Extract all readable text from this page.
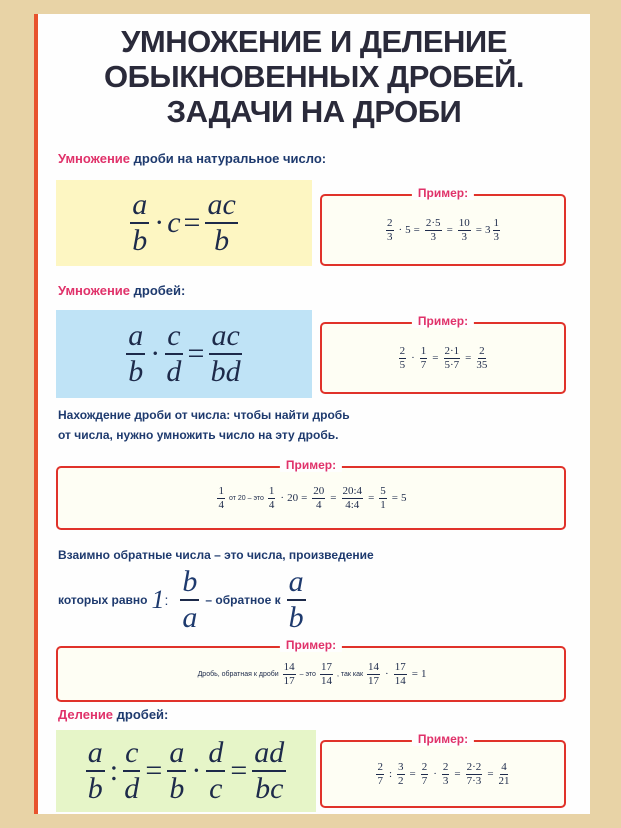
УМНОЖЕНИЕ И ДЕЛЕНИЕ
ОБЫКНОВЕННЫХ ДРОБЕЙ.
ЗАДАЧИ НА ДРОБИ
Умножение дроби на натуральное число:
$\frac{a}{b} \cdot c = \frac{ac}{b}$	Пример:
$\frac{2}{3} \cdot 5 = \frac{2\cdot 5}{3} = \frac{10}{3} = 3 \frac{1}{3}$
Умножение дробей:
$\frac{a}{b} \cdot \frac{c}{d} = \frac{ac}{bd}$	Пример:
$\frac{2}{5} \cdot \frac{1}{7} = \frac{2\cdot 1}{5\cdot 7} = \frac{2}{35}$
Нахождение дроби от числа: чтобы найти дробь
от числа, нужно умножить число на эту дробь.
Пример:
$\frac{1}{4}$ от 20 – это $\frac{1}{4} \cdot 20 = \frac{20}{4} = \frac{20:4}{4:4} = \frac{5}{1} = 5$
Взаимно обратные числа – это числа, произведение
которых равно 1 : $\frac{b}{a}$ – обратное к $\frac{a}{b}$
Пример:
Дробь, обратная к дроби $\frac{14}{17}$ – это $\frac{17}{14}$ , так как $\frac{14}{17} \cdot \frac{17}{14} = 1$
Деление дробей:
$\frac{a}{b}$ : $\frac{c}{d} = \frac{a}{b} \cdot \frac{d}{c} = \frac{ad}{bc}$	Пример:
$\frac{2}{7}$ : $\frac{3}{2} = \frac{2}{7} \cdot \frac{2}{3} = \frac{2\cdot 2}{7\cdot 3} = \frac{4}{21}$
